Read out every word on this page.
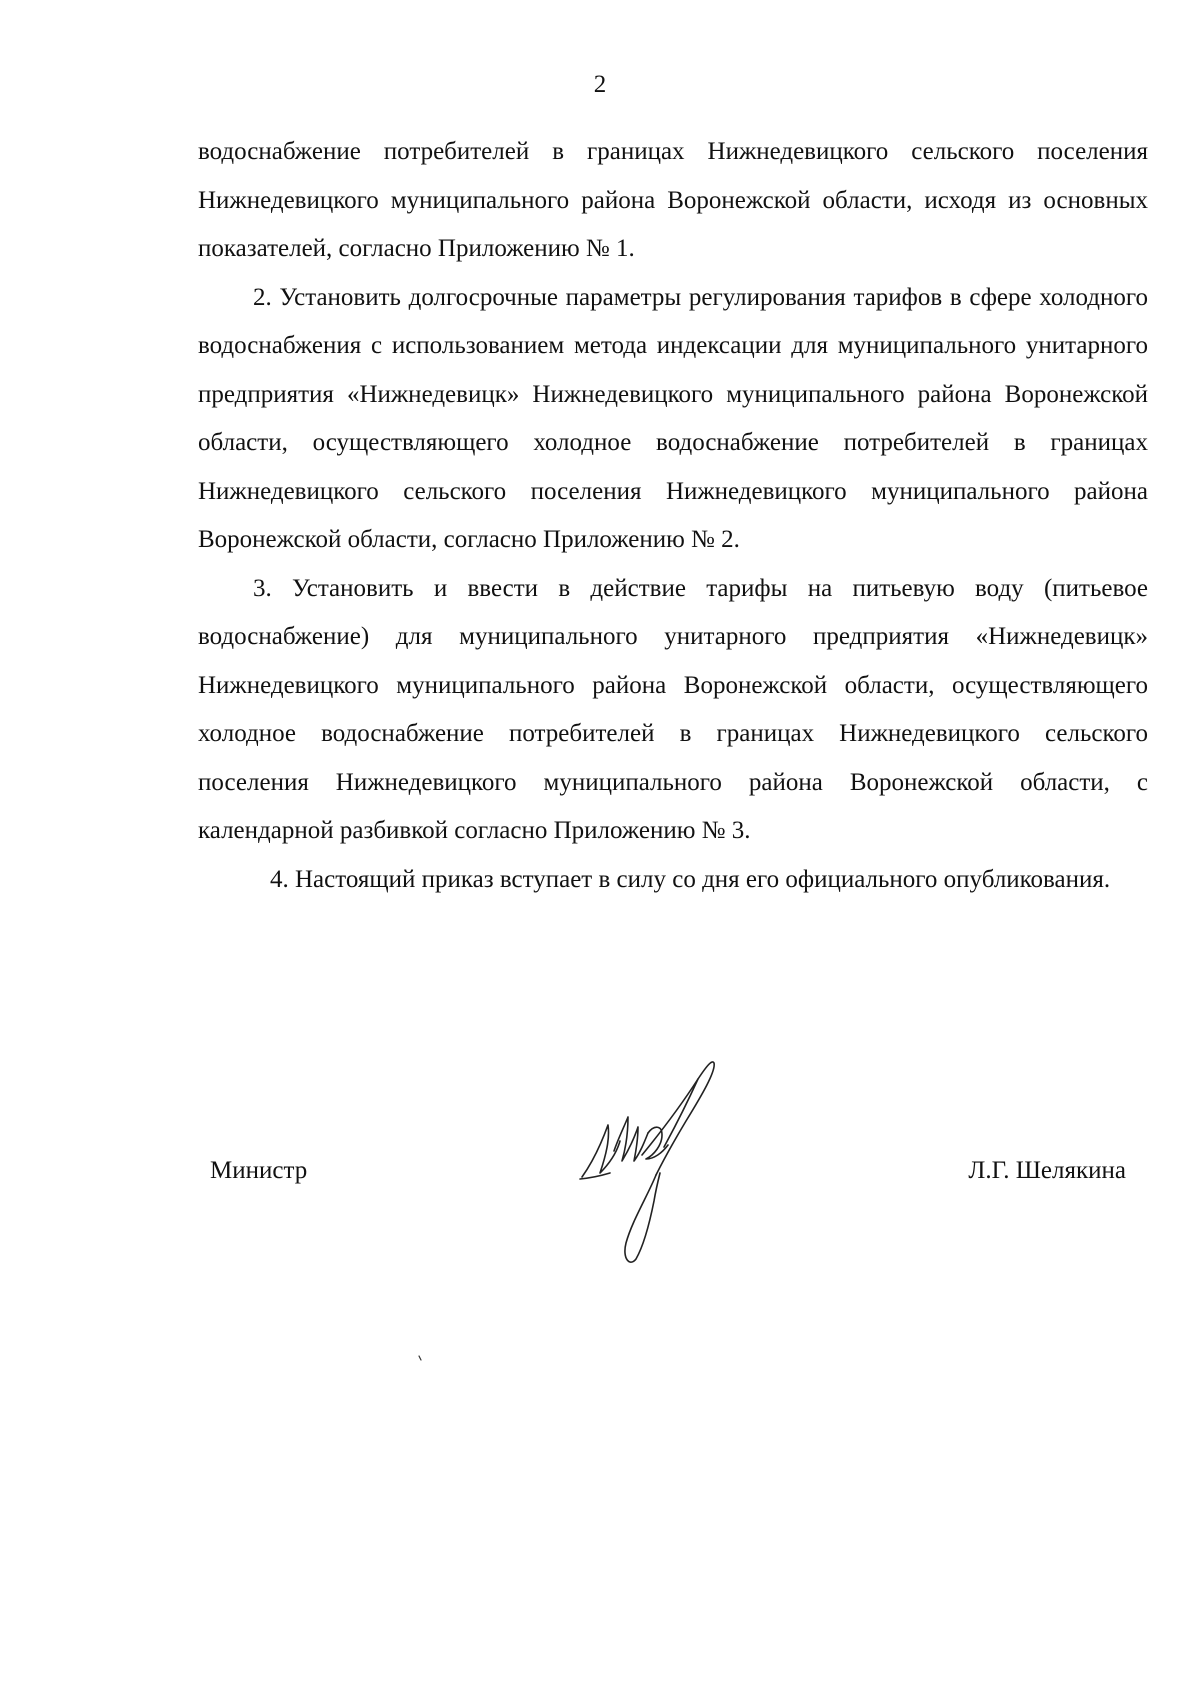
2

водоснабжение потребителей в границах Нижнедевицкого сельского поселения Нижнедевицкого муниципального района Воронежской области, исходя из основных показателей, согласно Приложению № 1.

2. Установить долгосрочные параметры регулирования тарифов в сфере холодного водоснабжения с использованием метода индексации для муниципального унитарного предприятия «Нижнедевицк» Нижнедевицкого муниципального района Воронежской области, осуществляющего холодное водоснабжение потребителей в границах Нижнедевицкого сельского поселения Нижнедевицкого муниципального района Воронежской области, согласно Приложению № 2.

3. Установить и ввести в действие тарифы на питьевую воду (питьевое водоснабжение) для муниципального унитарного предприятия «Нижнедевицк» Нижнедевицкого муниципального района Воронежской области, осуществляющего холодное водоснабжение потребителей в границах Нижнедевицкого сельского поселения Нижнедевицкого муниципального района Воронежской области, с календарной разбивкой согласно Приложению № 3.

4. Настоящий приказ вступает в силу со дня его официального опубликования.

Министр	Л.Г. Шелякина
